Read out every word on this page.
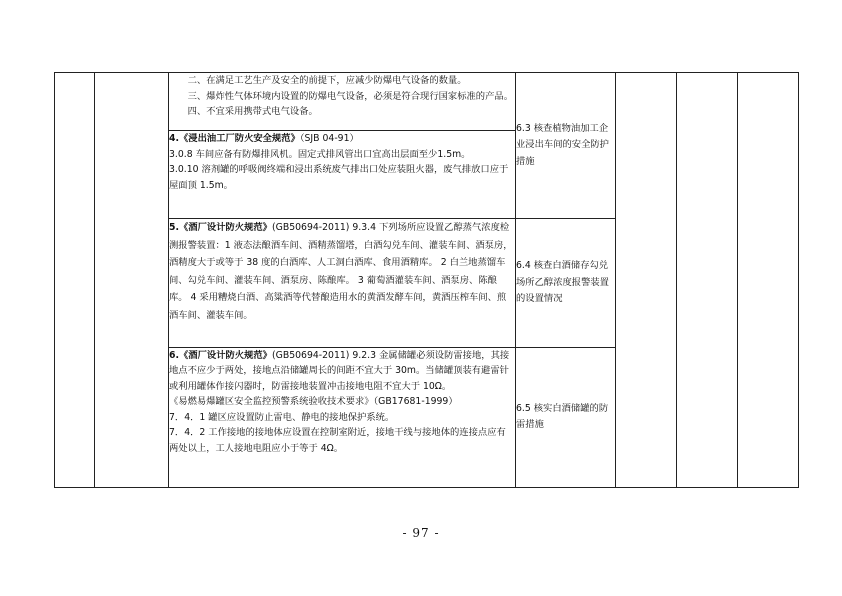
		二、在满足工艺生产及安全的前提下，应减少防爆电气设备的数量。

三、爆炸性气体环境内设置的防爆电气设备，必须是符合现行国家标准的产品。

四、不宜采用携带式电气设备。	6.3 核查植物油加工企业浸出车间的安全防护措施			

		4.《浸出油工厂防火安全规范》（SJB 04-91）

3.0.8 车间应备有防爆排风机。固定式排风管出口宜高出层面至少1.5m。

3.0.10 溶剂罐的呼吸阀终端和浸出系统废气排出口处应装阻火器，废气排放口应于屋面顶 1.5m。				

		5.《酒厂设计防火规范》(GB50694-2011) 9.3.4 下列场所应设置乙醇蒸气浓度检测报警装置：1 液态法酿酒车间、酒精蒸馏塔，白酒勾兑车间、灌装车间、酒泵房，酒精度大于或等于 38 度的白酒库、人工洞白酒库、食用酒精库。 2 白兰地蒸馏车间、勾兑车间、灌装车间、酒泵房、陈酿库。 3 葡萄酒灌装车间、酒泵房、陈酿库。 4 采用糟烧白酒、高粱酒等代替酿造用水的黄酒发酵车间，黄酒压榨车间、煎酒车间、灌装车间。	6.4 核查白酒储存勾兑场所乙醇浓度报警装置的设置情况			

		6.《酒厂设计防火规范》(GB50694-2011) 9.2.3 金属储罐必须设防雷接地，其接地点不应少于两处，接地点沿储罐周长的间距不宜大于 30m。当储罐顶装有避雷针或利用罐体作接闪器时，防雷接地装置冲击接地电阻不宜大于 10Ω。

《易燃易爆罐区安全监控预警系统验收技术要求》（GB17681-1999）

7．4．1 罐区应设置防止雷电、静电的接地保护系统。

7．4．2 工作接地的接地体应设置在控制室附近，接地干线与接地体的连接点应有两处以上，工人接地电阻应小于等于 4Ω。	6.5 核实白酒储罐的防雷措施			
- 97 -
